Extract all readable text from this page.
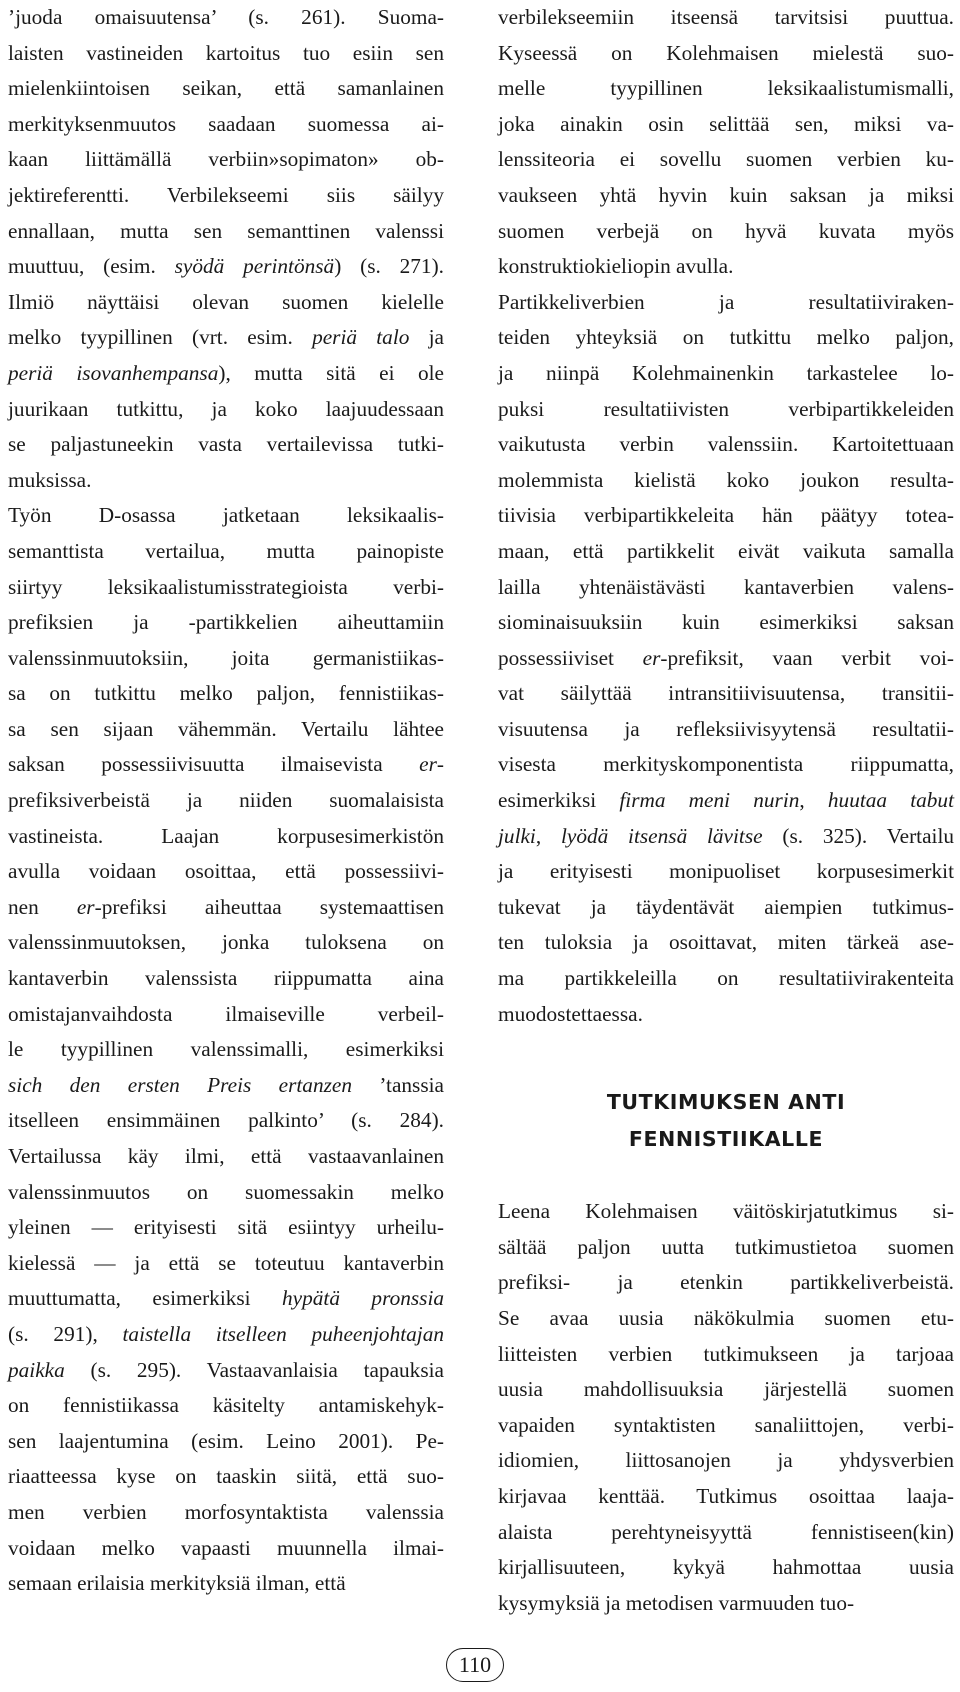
’juoda omaisuutensa’ (s. 261). Suoma-
laisten vastineiden kartoitus tuo esiin sen
mielenkiintoisen seikan, että samanlainen
merkityksenmuutos saadaan suomessa ai-
kaan liittämällä verbiin»sopimaton» ob-
jektireferentti. Verbilekseemi siis säilyy
ennallaan, mutta sen semanttinen valenssi
muuttuu, (esim. syödä perintönsä) (s. 271).
Ilmiö näyttäisi olevan suomen kielelle
melko tyypillinen (vrt. esim. periä talo ja
periä isovanhempansa), mutta sitä ei ole
juurikaan tutkittu, ja koko laajuudessaan
se paljastuneekin vasta vertailevissa tutki-
muksissa.
Työn D-osassa jatketaan leksikaalis-
semanttista vertailua, mutta painopiste
siirtyy leksikaalistumisstrategioista verbi-
prefiksien ja -partikkelien aiheuttamiin
valenssinmuutoksiin, joita germanistiikas-
sa on tutkittu melko paljon, fennistiikas-
sa sen sijaan vähemmän. Vertailu lähtee
saksan possessiivisuutta ilmaisevista er-
prefiksiverbeistä ja niiden suomalaisista
vastineista. Laajan korpusesimerkistön
avulla voidaan osoittaa, että possessiivi-
nen er-prefiksi aiheuttaa systemaattisen
valenssinmuutoksen, jonka tuloksena on
kantaverbin valenssista riippumatta aina
omistajanvaihdosta ilmaiseville verbeil-
le tyypillinen valenssimalli, esimerkiksi
sich den ersten Preis ertanzen ’tanssia
itselleen ensimmäinen palkinto’ (s. 284).
Vertailussa käy ilmi, että vastaavanlainen
valenssinmuutos on suomessakin melko
yleinen — erityisesti sitä esiintyy urheilu-
kielessä — ja että se toteutuu kantaverbin
muuttumatta, esimerkiksi hypätä pronssia
(s. 291), taistella itselleen puheenjohtajan
paikka (s. 295). Vastaavanlaisia tapauksia
on fennistiikassa käsitelty antamiskehyk-
sen laajentumina (esim. Leino 2001). Pe-
riaatteessa kyse on taaskin siitä, että suo-
men verbien morfosyntaktista valenssia
voidaan melko vapaasti muunnella ilmai-
semaan erilaisia merkityksiä ilman, että
verbilekseemiin itseensä tarvitsisi puuttua.
Kyseessä on Kolehmaisen mielestä suo-
melle tyypillinen leksikaalistumismalli,
joka ainakin osin selittää sen, miksi va-
lenssiteoria ei sovellu suomen verbien ku-
vaukseen yhtä hyvin kuin saksan ja miksi
suomen verbejä on hyvä kuvata myös
konstruktiokieliopin avulla.
Partikkeliverbien ja resultatiiviraken-
teiden yhteyksiä on tutkittu melko paljon,
ja niinpä Kolehmainenkin tarkastelee lo-
puksi resultatiivisten verbipartikkeleiden
vaikutusta verbin valenssiin. Kartoitettuaan
molemmista kielistä koko joukon resulta-
tiivisia verbipartikkeleita hän päätyy totea-
maan, että partikkelit eivät vaikuta samalla
lailla yhtenäistävästi kantaverbien valens-
siominaisuuksiin kuin esimerkiksi saksan
possessiiviset er-prefiksit, vaan verbit voi-
vat säilyttää intransitiivisuutensa, transitii-
visuutensa ja refleksiivisyytensä resultatii-
visesta merkityskomponentista riippumatta,
esimerkiksi firma meni nurin, huutaa tabut
julki, lyödä itsensä lävitse (s. 325). Vertailu
ja erityisesti monipuoliset korpusesimerkit
tukevat ja täydentävät aiempien tutkimus-
ten tuloksia ja osoittavat, miten tärkeä ase-
ma partikkeleilla on resultatiivirakenteita
muodostettaessa.
TUTKIMUKSEN ANTI
FENNISTIIKALLE
Leena Kolehmaisen väitöskirjatutkimus si-
sältää paljon uutta tutkimustietoa suomen
prefiksi- ja etenkin partikkeliverbeistä.
Se avaa uusia näkökulmia suomen etu-
liitteisten verbien tutkimukseen ja tarjoaa
uusia mahdollisuuksia järjestellä suomen
vapaiden syntaktisten sanaliittojen, verbi-
idiomien, liittosanojen ja yhdysverbien
kirjavaa kenttää. Tutkimus osoittaa laaja-
alaista perehtyneisyyttä fennistiseen(kin)
kirjallisuuteen, kykyä hahmottaa uusia
kysymyksiä ja metodisen varmuuden tuo-
110
